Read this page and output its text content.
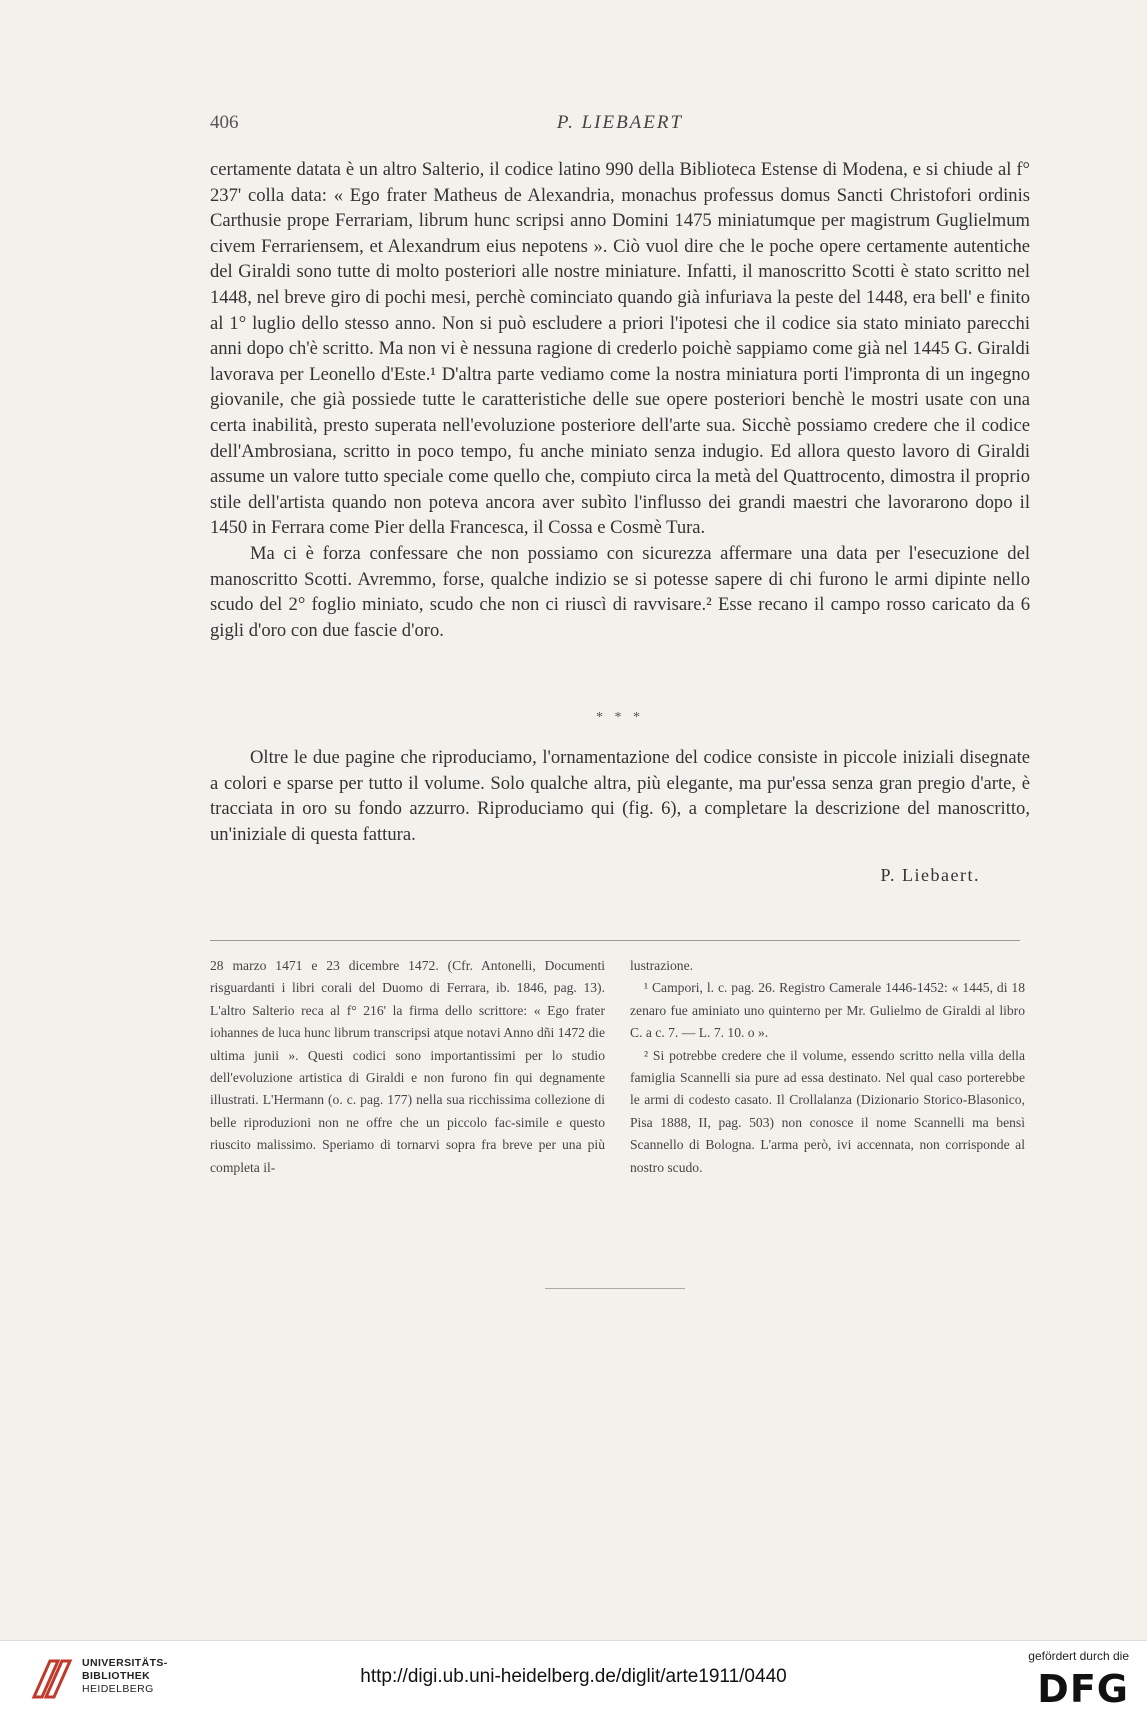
406	P. LIEBAERT

certamente datata è un altro Salterio, il codice latino 990 della Biblioteca Estense di Modena, e si chiude al f° 237' colla data: « Ego frater Matheus de Alexandria, monachus professus domus Sancti Christofori ordinis Carthusie prope Ferrariam, librum hunc scripsi anno Domini 1475 miniatumque per magistrum Guglielmum civem Ferrariensem, et Alexandrum eius nepotens ». Ciò vuol dire che le poche opere certamente autentiche del Giraldi sono tutte di molto posteriori alle nostre miniature. Infatti, il manoscritto Scotti è stato scritto nel 1448, nel breve giro di pochi mesi, perchè cominciato quando già infuriava la peste del 1448, era bell' e finito al 1° luglio dello stesso anno. Non si può escludere a priori l'ipotesi che il codice sia stato miniato parecchi anni dopo ch'è scritto. Ma non vi è nessuna ragione di crederlo poichè sappiamo come già nel 1445 G. Giraldi lavorava per Leonello d'Este.¹ D'altra parte vediamo come la nostra miniatura porti l'impronta di un ingegno giovanile, che già possiede tutte le caratteristiche delle sue opere posteriori benchè le mostri usate con una certa inabilità, presto superata nell'evoluzione posteriore dell'arte sua. Sicchè possiamo credere che il codice dell'Ambrosiana, scritto in poco tempo, fu anche miniato senza indugio. Ed allora questo lavoro di Giraldi assume un valore tutto speciale come quello che, compiuto circa la metà del Quattrocento, dimostra il proprio stile dell'artista quando non poteva ancora aver subìto l'influsso dei grandi maestri che lavorarono dopo il 1450 in Ferrara come Pier della Francesca, il Cossa e Cosmè Tura.

Ma ci è forza confessare che non possiamo con sicurezza affermare una data per l'esecuzione del manoscritto Scotti. Avremmo, forse, qualche indizio se si potesse sapere di chi furono le armi dipinte nello scudo del 2° foglio miniato, scudo che non ci riuscì di ravvisare.² Esse recano il campo rosso caricato da 6 gigli d'oro con due fascie d'oro.

* * *

Oltre le due pagine che riproduciamo, l'ornamentazione del codice consiste in piccole iniziali disegnate a colori e sparse per tutto il volume. Solo qualche altra, più elegante, ma pur'essa senza gran pregio d'arte, è tracciata in oro su fondo azzurro. Riproduciamo qui (fig. 6), a completare la descrizione del manoscritto, un'iniziale di questa fattura.

P. Liebaert.

28 marzo 1471 e 23 dicembre 1472. (Cfr. Antonelli, Documenti risguardanti i libri corali del Duomo di Ferrara, ib. 1846, pag. 13). L'altro Salterio reca al f° 216' la firma dello scrittore: « Ego frater iohannes de luca hunc librum transcripsi atque notavi Anno dñi 1472 die ultima junii ». Questi codici sono importantissimi per lo studio dell'evoluzione artistica di Giraldi e non furono fin qui degnamente illustrati. L'Hermann (o. c. pag. 177) nella sua ricchissima collezione di belle riproduzioni non ne offre che un piccolo fac-simile e questo riuscito malissimo. Speriamo di tornarvi sopra fra breve per una più completa il-

lustrazione.

¹ Campori, l. c. pag. 26. Registro Camerale 1446-1452: « 1445, di 18 zenaro fue aminiato uno quinterno per Mr. Gulielmo de Giraldi al libro C. a c. 7. — L. 7. 10. o ».

² Si potrebbe credere che il volume, essendo scritto nella villa della famiglia Scannelli sia pure ad essa destinato. Nel qual caso porterebbe le armi di codesto casato. Il Crollalanza (Dizionario Storico-Blasonico, Pisa 1888, II, pag. 503) non conosce il nome Scannelli ma bensì Scannello di Bologna. L'arma però, ivi accennata, non corrisponde al nostro scudo.

UNIVERSITÄTS-
BIBLIOTHEK
HEIDELBERG
http://digi.ub.uni-heidelberg.de/diglit/arte1911/0440
gefördert durch die
DFG
